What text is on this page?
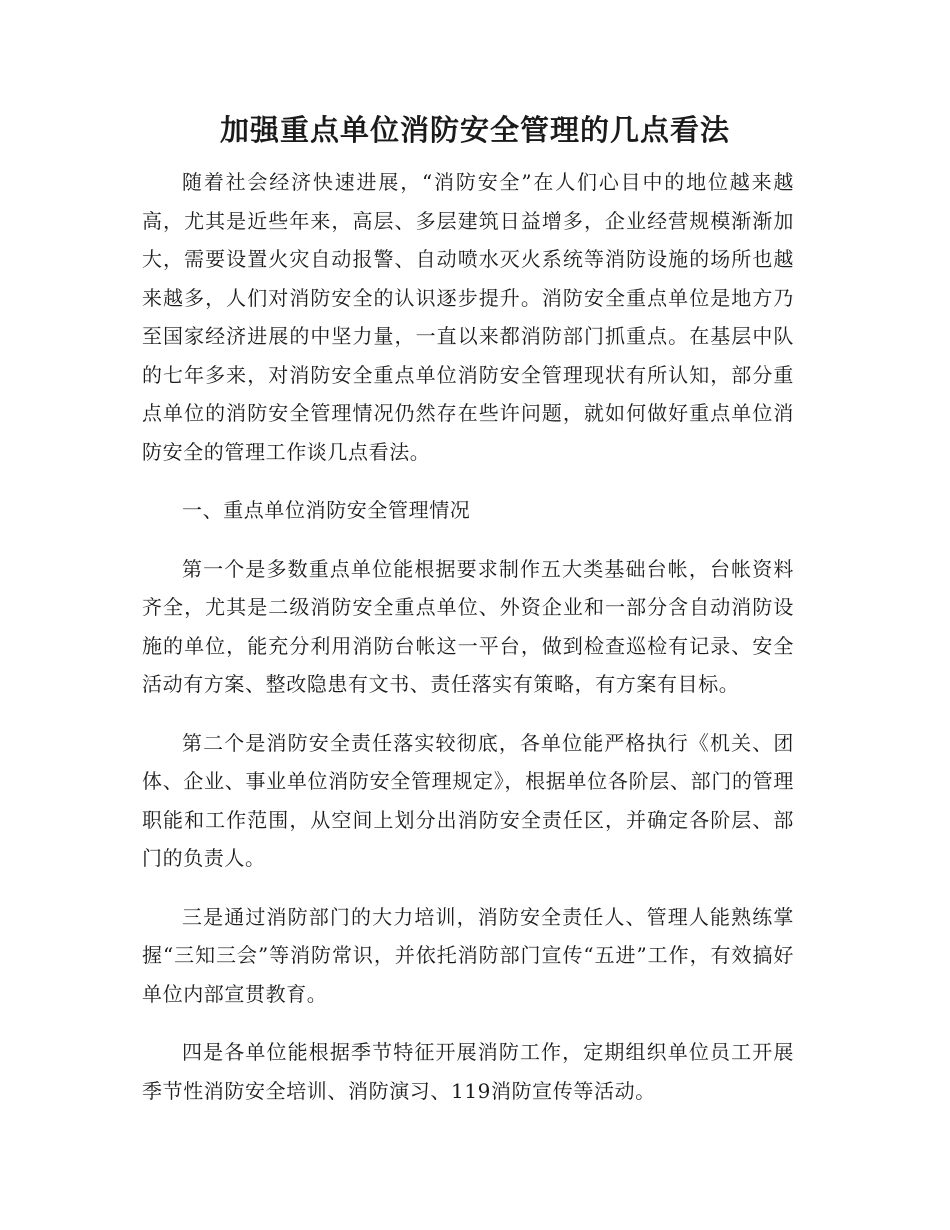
加强重点单位消防安全管理的几点看法

随着社会经济快速进展，“消防安全”在人们心目中的地位越来越高，尤其是近些年来，高层、多层建筑日益增多，企业经营规模渐渐加大，需要设置火灾自动报警、自动喷水灭火系统等消防设施的场所也越来越多，人们对消防安全的认识逐步提升。消防安全重点单位是地方乃至国家经济进展的中坚力量，一直以来都消防部门抓重点。在基层中队的七年多来，对消防安全重点单位消防安全管理现状有所认知，部分重点单位的消防安全管理情况仍然存在些许问题，就如何做好重点单位消防安全的管理工作谈几点看法。

一、重点单位消防安全管理情况

第一个是多数重点单位能根据要求制作五大类基础台帐，台帐资料齐全，尤其是二级消防安全重点单位、外资企业和一部分含自动消防设施的单位，能充分利用消防台帐这一平台，做到检查巡检有记录、安全活动有方案、整改隐患有文书、责任落实有策略，有方案有目标。

第二个是消防安全责任落实较彻底，各单位能严格执行《机关、团体、企业、事业单位消防安全管理规定》，根据单位各阶层、部门的管理职能和工作范围，从空间上划分出消防安全责任区，并确定各阶层、部门的负责人。

三是通过消防部门的大力培训，消防安全责任人、管理人能熟练掌握“三知三会”等消防常识，并依托消防部门宣传“五进”工作，有效搞好单位内部宣贯教育。

四是各单位能根据季节特征开展消防工作，定期组织单位员工开展季节性消防安全培训、消防演习、119消防宣传等活动。
